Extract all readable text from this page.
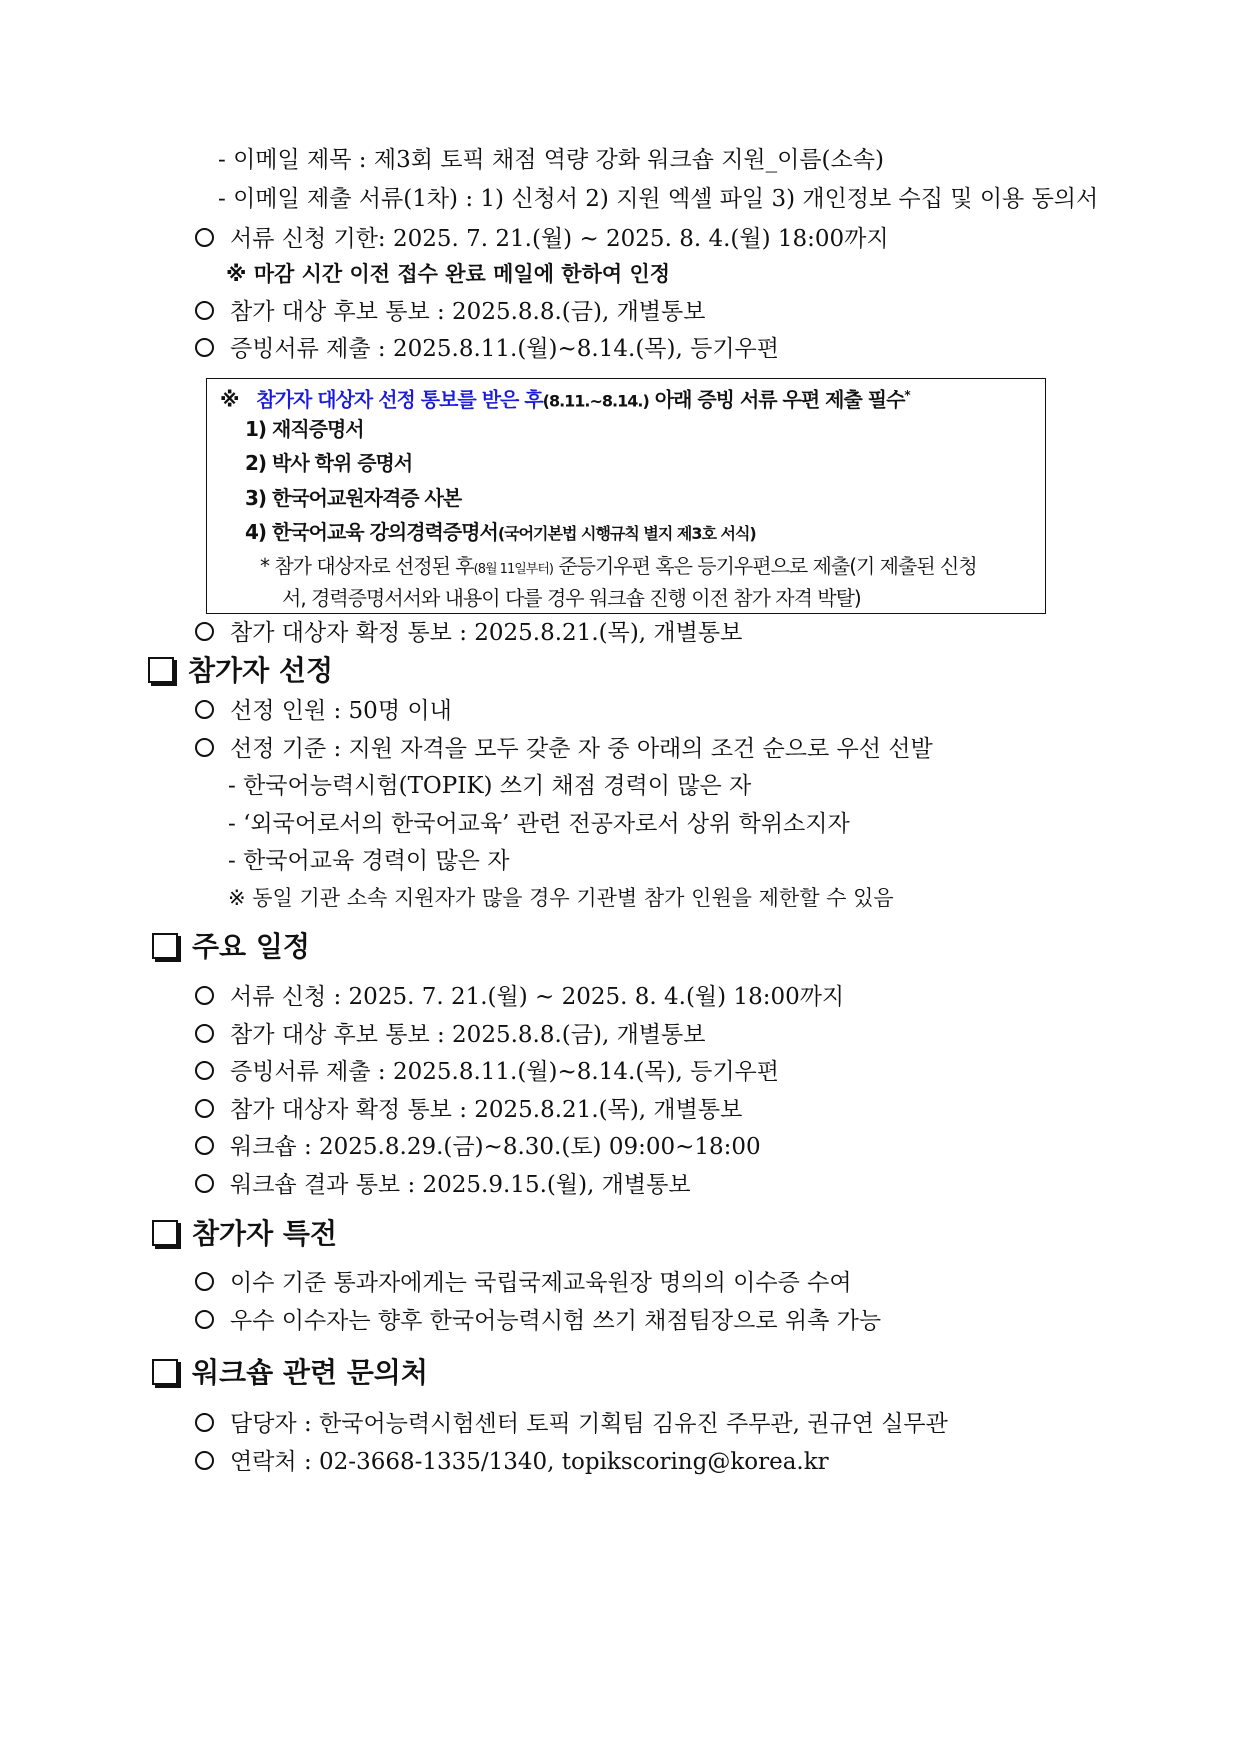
- 이메일 제목 : 제3회 토픽 채점 역량 강화 워크숍 지원_이름(소속)
- 이메일 제출 서류(1차) : 1) 신청서 2) 지원 엑셀 파일 3) 개인정보 수집 및 이용 동의서
서류 신청 기한: 2025. 7. 21.(월) ~ 2025. 8. 4.(월) 18:00까지
※ 마감 시간 이전 접수 완료 메일에 한하여 인정
참가 대상 후보 통보 : 2025.8.8.(금), 개별통보
증빙서류 제출 : 2025.8.11.(월)~8.14.(목), 등기우편
※ 참가자 대상자 선정 통보를 받은 후(8.11.~8.14.) 아래 증빙 서류 우편 제출 필수*
1) 재직증명서
2) 박사 학위 증명서
3) 한국어교원자격증 사본
4) 한국어교육 강의경력증명서(국어기본법 시행규칙 별지 제3호 서식)
* 참가 대상자로 선정된 후(8월 11일부터) 준등기우편 혹은 등기우편으로 제출(기 제출된 신청
서, 경력증명서서와 내용이 다를 경우 워크숍 진행 이전 참가 자격 박탈)
참가 대상자 확정 통보 : 2025.8.21.(목), 개별통보
참가자 선정
선정 인원 : 50명 이내
선정 기준 : 지원 자격을 모두 갖춘 자 중 아래의 조건 순으로 우선 선발
- 한국어능력시험(TOPIK) 쓰기 채점 경력이 많은 자
- ‘외국어로서의 한국어교육’ 관련 전공자로서 상위 학위소지자
- 한국어교육 경력이 많은 자
※ 동일 기관 소속 지원자가 많을 경우 기관별 참가 인원을 제한할 수 있음
주요 일정
서류 신청 : 2025. 7. 21.(월) ~ 2025. 8. 4.(월) 18:00까지
참가 대상 후보 통보 : 2025.8.8.(금), 개별통보
증빙서류 제출 : 2025.8.11.(월)~8.14.(목), 등기우편
참가 대상자 확정 통보 : 2025.8.21.(목), 개별통보
워크숍 : 2025.8.29.(금)~8.30.(토) 09:00~18:00
워크숍 결과 통보 : 2025.9.15.(월), 개별통보
참가자 특전
이수 기준 통과자에게는 국립국제교육원장 명의의 이수증 수여
우수 이수자는 향후 한국어능력시험 쓰기 채점팀장으로 위촉 가능
워크숍 관련 문의처
담당자 : 한국어능력시험센터 토픽 기획팀 김유진 주무관, 권규연 실무관
연락처 : 02-3668-1335/1340, topikscoring@korea.kr
